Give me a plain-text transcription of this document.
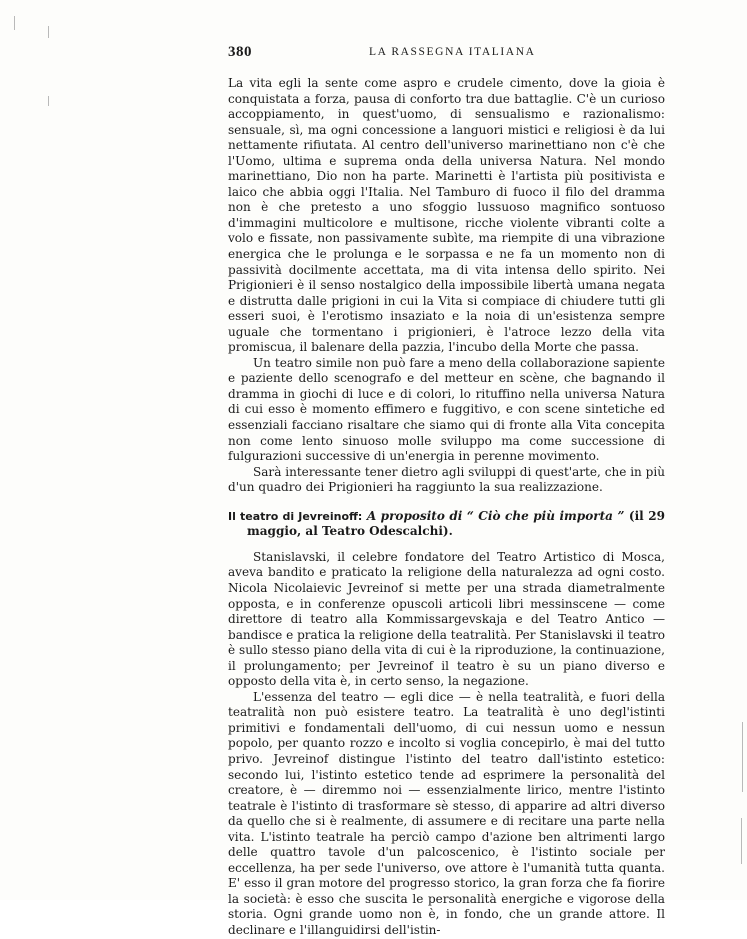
380	LA RASSEGNA ITALIANA

La vita egli la sente come aspro e crudele cimento, dove la gioia è conquistata a forza, pausa di conforto tra due battaglie. C'è un curioso accoppiamento, in quest'uomo, di sensualismo e razionalismo: sensuale, sì, ma ogni concessione a languori mistici e religiosi è da lui nettamente rifiutata. Al centro dell'universo marinettiano non c'è che l'Uomo, ultima e suprema onda della universa Natura. Nel mondo marinettiano, Dio non ha parte. Marinetti è l'artista più positivista e laico che abbia oggi l'Italia. Nel Tamburo di fuoco il filo del dramma non è che pretesto a uno sfoggio lussuoso magnifico sontuoso d'immagini multicolore e multisone, ricche violente vibranti colte a volo e fissate, non passivamente subìte, ma riempite di una vibrazione energica che le prolunga e le sorpassa e ne fa un momento non di passività docilmente accettata, ma di vita intensa dello spirito. Nei Prigionieri è il senso nostalgico della impossibile libertà umana negata e distrutta dalle prigioni in cui la Vita si compiace di chiudere tutti gli esseri suoi, è l'erotismo insaziato e la noia di un'esistenza sempre uguale che tormentano i prigionieri, è l'atroce lezzo della vita promiscua, il balenare della pazzia, l'incubo della Morte che passa.

Un teatro simile non può fare a meno della collaborazione sapiente e paziente dello scenografo e del metteur en scène, che bagnando il dramma in giochi di luce e di colori, lo rituffino nella universa Natura di cui esso è momento effimero e fuggitivo, e con scene sintetiche ed essenziali facciano risaltare che siamo qui di fronte alla Vita concepita non come lento sinuoso molle sviluppo ma come successione di fulgurazioni successive di un'energia in perenne movimento.

Sarà interessante tener dietro agli sviluppi di quest'arte, che in più d'un quadro dei Prigionieri ha raggiunto la sua realizzazione.

Il teatro di Jevreinoff: A proposito di “ Ciò che più importa ” (il 29 maggio, al Teatro Odescalchi).

Stanislavski, il celebre fondatore del Teatro Artistico di Mosca, aveva bandito e praticato la religione della naturalezza ad ogni costo. Nicola Nicolaievic Jevreinof si mette per una strada diametralmente opposta, e in conferenze opuscoli articoli libri messinscene — come direttore di teatro alla Kommissargevskaja e del Teatro Antico — bandisce e pratica la religione della teatralità. Per Stanislavski il teatro è sullo stesso piano della vita di cui è la riproduzione, la continuazione, il prolungamento; per Jevreinof il teatro è su un piano diverso e opposto della vita è, in certo senso, la negazione.

L'essenza del teatro — egli dice — è nella teatralità, e fuori della teatralità non può esistere teatro. La teatralità è uno degl'istinti primitivi e fondamentali dell'uomo, di cui nessun uomo e nessun popolo, per quanto rozzo e incolto si voglia concepirlo, è mai del tutto privo. Jevreinof distingue l'istinto del teatro dall'istinto estetico: secondo lui, l'istinto estetico tende ad esprimere la personalità del creatore, è — diremmo noi — essenzialmente lirico, mentre l'istinto teatrale è l'istinto di trasformare sè stesso, di apparire ad altri diverso da quello che si è realmente, di assumere e di recitare una parte nella vita. L'istinto teatrale ha perciò campo d'azione ben altrimenti largo delle quattro tavole d'un palcoscenico, è l'istinto sociale per eccellenza, ha per sede l'universo, ove attore è l'umanità tutta quanta. E' esso il gran motore del progresso storico, la gran forza che fa fiorire la società: è esso che suscita le personalità energiche e vigorose della storia. Ogni grande uomo non è, in fondo, che un grande attore. Il declinare e l'illanguidirsi dell'istin-
